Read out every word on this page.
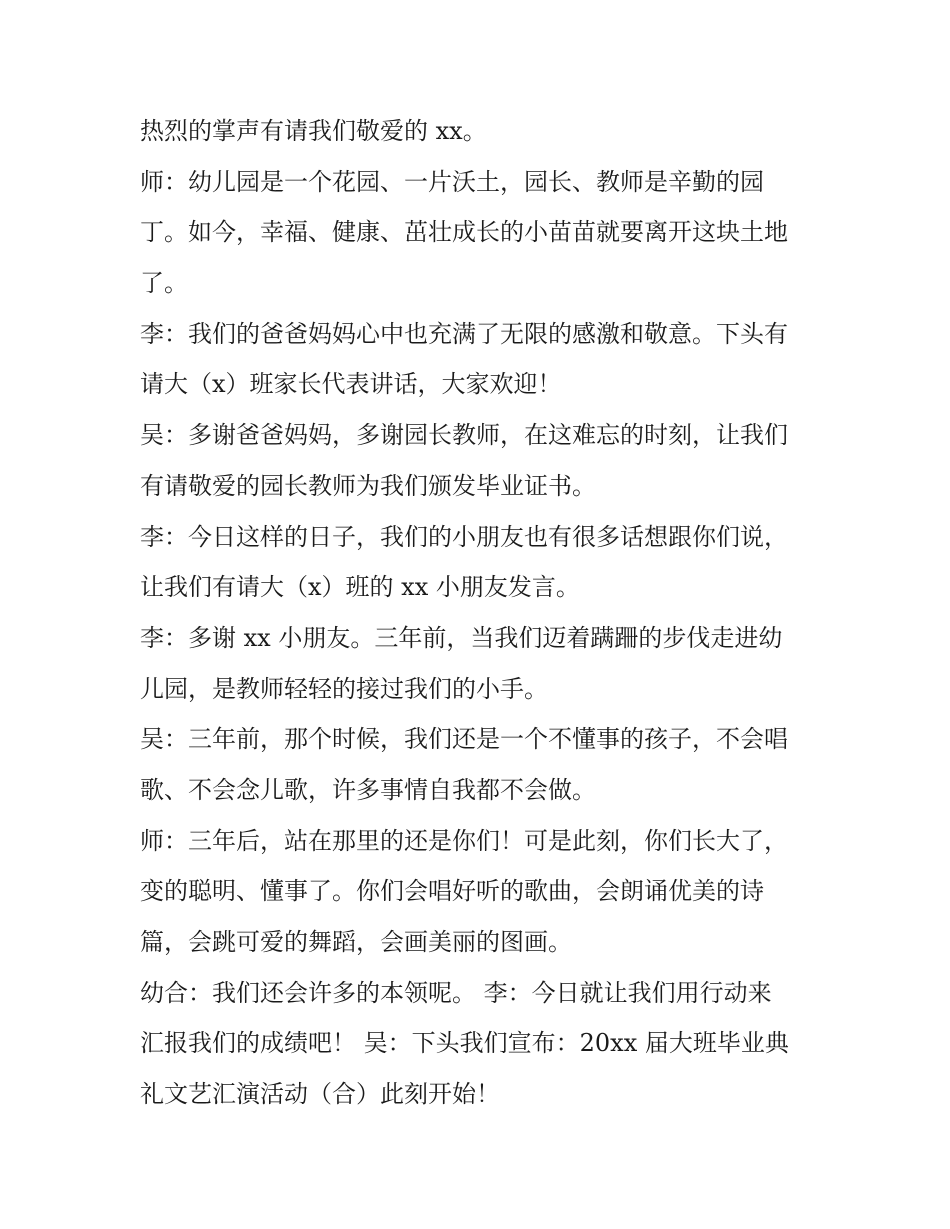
热烈的掌声有请我们敬爱的 xx。
师：幼儿园是一个花园、一片沃土，园长、教师是辛勤的园
丁。如今，幸福、健康、茁壮成长的小苗苗就要离开这块土地
了。
李：我们的爸爸妈妈心中也充满了无限的感激和敬意。下头有
请大（x）班家长代表讲话，大家欢迎！
吴：多谢爸爸妈妈，多谢园长教师，在这难忘的时刻，让我们
有请敬爱的园长教师为我们颁发毕业证书。
李：今日这样的日子，我们的小朋友也有很多话想跟你们说，
让我们有请大（x）班的 xx 小朋友发言。
李：多谢 xx 小朋友。三年前，当我们迈着蹒跚的步伐走进幼
儿园，是教师轻轻的接过我们的小手。
吴：三年前，那个时候，我们还是一个不懂事的孩子，不会唱
歌、不会念儿歌，许多事情自我都不会做。
师：三年后，站在那里的还是你们！可是此刻，你们长大了，
变的聪明、懂事了。你们会唱好听的歌曲，会朗诵优美的诗
篇，会跳可爱的舞蹈，会画美丽的图画。
幼合：我们还会许多的本领呢。 李：今日就让我们用行动来
汇报我们的成绩吧！ 吴：下头我们宣布：20xx 届大班毕业典
礼文艺汇演活动（合）此刻开始！
